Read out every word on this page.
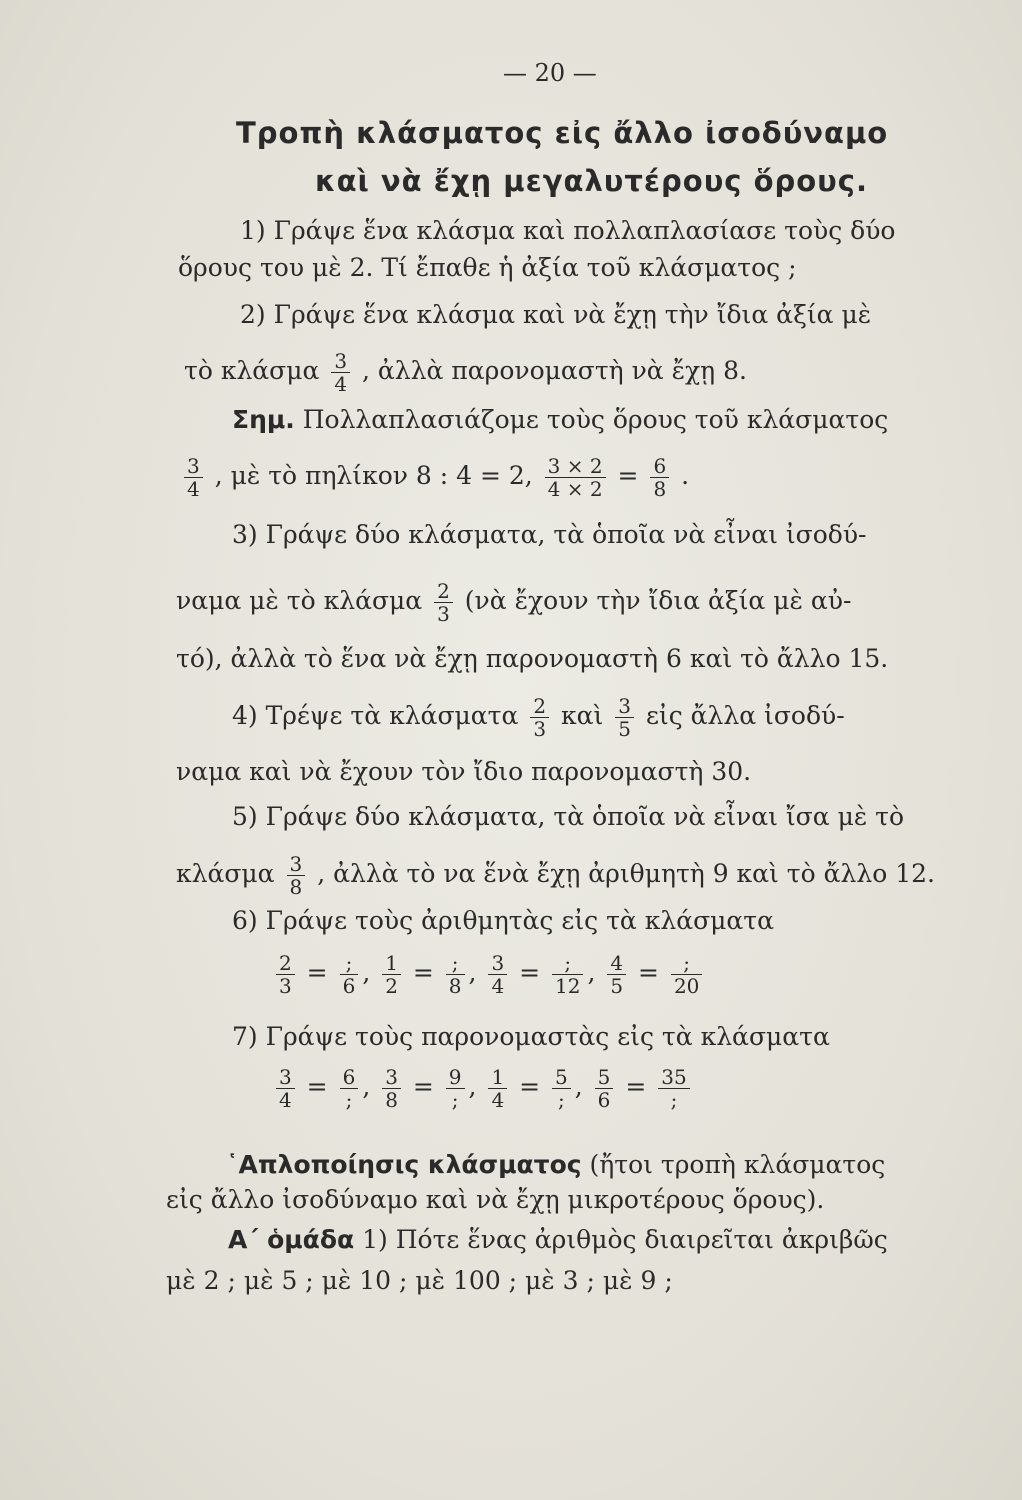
— 20 —
Τροπὴ κλάσματος εἰς ἄλλο ἰσοδύναμο
καὶ νὰ ἔχῃ μεγαλυτέρους ὅρους.
1) Γράψε ἕνα κλάσμα καὶ πολλαπλασίασε τοὺς δύο
ὅρους του μὲ 2. Τί ἔπαθε ἡ ἀξία τοῦ κλάσματος ;
2) Γράψε ἕνα κλάσμα καὶ νὰ ἔχῃ τὴν ἴδια ἀξία μὲ
τὸ κλάσμα $\frac{3}{4}$ , ἀλλὰ παρονομαστὴ νὰ ἔχῃ 8.
Σημ. Πολλαπλασιάζομε τοὺς ὅρους τοῦ κλάσματος
$\frac{3}{4}$ , μὲ τὸ πηλίκον 8 : 4 = 2, $\frac{3 \times 2}{4 \times 2} = \frac{6}{8}$ .
3) Γράψε δύο κλάσματα, τὰ ὁποῖα νὰ εἶναι ἰσοδύ-
ναμα μὲ τὸ κλάσμα $\frac{2}{3}$ (νὰ ἔχουν τὴν ἴδια ἀξία μὲ αὐ-
τό), ἀλλὰ τὸ ἕνα νὰ ἔχῃ παρονομαστὴ 6 καὶ τὸ ἄλλο 15.
4) Τρέψε τὰ κλάσματα $\frac{2}{3}$ καὶ $\frac{3}{5}$ εἰς ἄλλα ἰσοδύ-
ναμα καὶ νὰ ἔχουν τὸν ἴδιο παρονομαστὴ 30.
5) Γράψε δύο κλάσματα, τὰ ὁποῖα νὰ εἶναι ἴσα μὲ τὸ
κλάσμα $\frac{3}{8}$ , ἀλλὰ τὸ να ἕνὰ ἔχῃ ἀριθμητὴ 9 καὶ τὸ ἄλλο 12.
6) Γράψε τοὺς ἀριθμητὰς εἰς τὰ κλάσματα
$\frac{2}{3} = \frac{;}{6}$ , $\frac{1}{2} = \frac{;}{8}$ , $\frac{3}{4} = \frac{;}{12}$ , $\frac{4}{5} = \frac{;}{20}$
7) Γράψε τοὺς παρονομαστὰς εἰς τὰ κλάσματα
$\frac{3}{4} = \frac{6}{;}$ , $\frac{3}{8} = \frac{9}{;}$ , $\frac{1}{4} = \frac{5}{;}$ , $\frac{5}{6} = \frac{35}{;}$
῾Απλοποίησις κλάσματος (ἤτοι τροπὴ κλάσματος
εἰς ἄλλο ἰσοδύναμο καὶ νὰ ἔχῃ μικροτέρους ὅρους).
Α΄ ὁμάδα 1) Πότε ἕνας ἀριθμὸς διαιρεῖται ἀκριβῶς
μὲ 2 ; μὲ 5 ; μὲ 10 ; μὲ 100 ; μὲ 3 ; μὲ 9 ;
